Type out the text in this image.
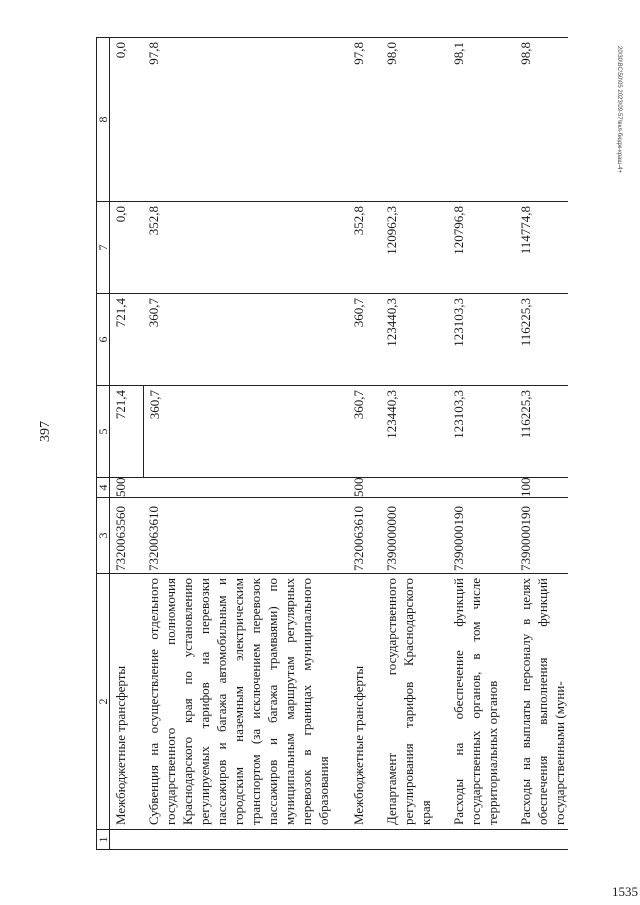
397
20\30\BC\50\05 2023\09-57\вкл-бюдж-краш-4+
1535
1	2	3	4	5	6	7	8
	Межбюджетные трансферты	7320063560	500	721,4	721,4	0,0	0,0
	Субвенция на осуществление отдельного государственного полномочия Краснодарского края по установлению регулируемых тарифов на перевозки пассажиров и багажа автомобильным и городским наземным электрическим транспортом (за исключением перевозок пассажиров и багажа трамваями) по муниципальным маршрутам регулярных перевозок в границах муниципального образования	7320063610		360,7	360,7	352,8	97,8
	Межбюджетные трансферты	7320063610	500	360,7	360,7	352,8	97,8
	Департамент государственного регулирования тарифов Краснодарского края	7390000000		123440,3	123440,3	120962,3	98,0
	Расходы на обеспечение функций государственных органов, в том числе территориальных органов	7390000190		123103,3	123103,3	120796,8	98,1
	Расходы на выплаты персоналу в целях обеспечения выполнения функций государственными (муни-	7390000190	100	116225,3	116225,3	114774,8	98,8
